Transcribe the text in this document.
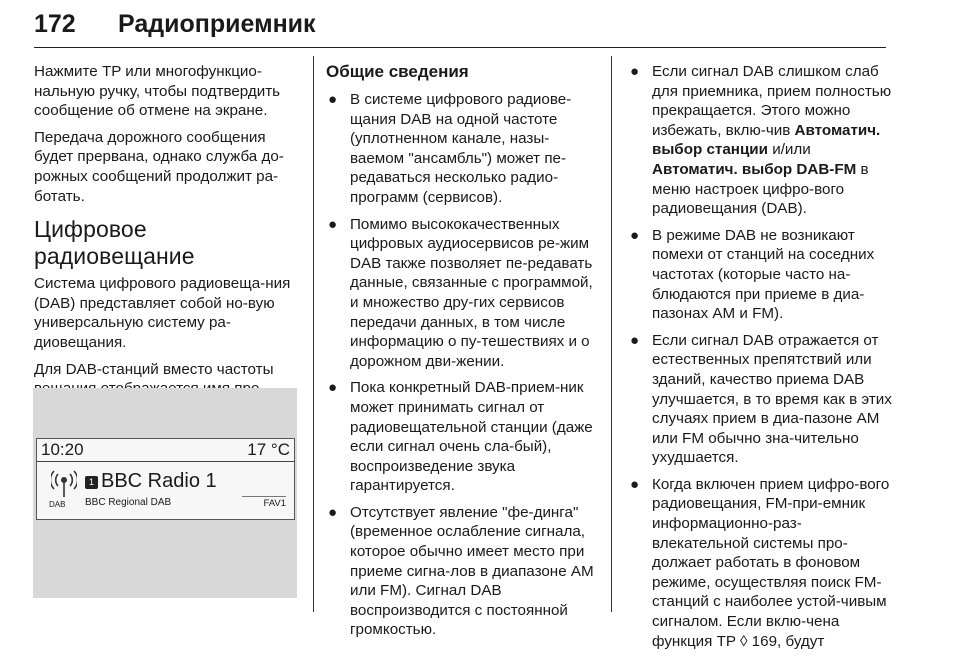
172 Радиоприемник

Нажмите TP или многофункцио-нальную ручку, чтобы подтвердить сообщение об отмене на экране.

Передача дорожного сообщения будет прервана, однако служба до-рожных сообщений продолжит ра-ботать.

Цифровое радиовещание

Система цифрового радиовеща-ния (DAB) представляет собой но-вую универсальную систему ра-диовещания.

Для DAB-станций вместо частоты

10:20	17 °C
DAB
1 BBC Radio 1
BBC Regional DAB	FAV1
Общие сведения
● В системе цифрового радиове-щания DAB на одной частоте (уплотненном канале, назы-ваемом "ансамбль") может пе-редаваться несколько радио-программ (сервисов).
● Помимо высококачественных цифровых аудиосервисов ре-жим DAB также позволяет пе-редавать данные, связанные с программой, и множество дру-гих сервисов передачи данных, в том числе информацию о пу-тешествиях и о дорожном дви-жении.
● Пока конкретный DAB-прием-ник может принимать сигнал от радиовещательной станции (даже если сигнал очень сла-бый), воспроизведение звука гарантируется.
● Отсутствует явление "фе-динга" (временное ослабление сигнала, которое обычно имеет место при приеме сигна-лов в диапазоне AM или FM). Сигнал DAB воспроизводится с постоянной громкостью.
● Если сигнал DAB слишком слаб для приемника, прием полностью прекращается. Этого можно избежать, вклю-чив Автоматич. выбор станции и/или Автоматич. выбор DAB-FM в меню настроек цифро-вого радиовещания (DAB).
● В режиме DAB не возникают помехи от станций на соседних частотах (которые часто на-блюдаются при приеме в диа-пазонах AM и FM).
● Если сигнал DAB отражается от естественных препятствий или зданий, качество приема DAB улучшается, в то время как в этих случаях прием в диа-пазоне AM или FM обычно зна-чительно ухудшается.
● Когда включен прием цифро-вого радиовещания, FM-при-емник информационно-раз-влекательной системы про-должает работать в фоновом режиме, осуществляя поиск FM-станций с наиболее устой-чивым сигналом. Если вклю-чена функция TP ◊ 169, будут
